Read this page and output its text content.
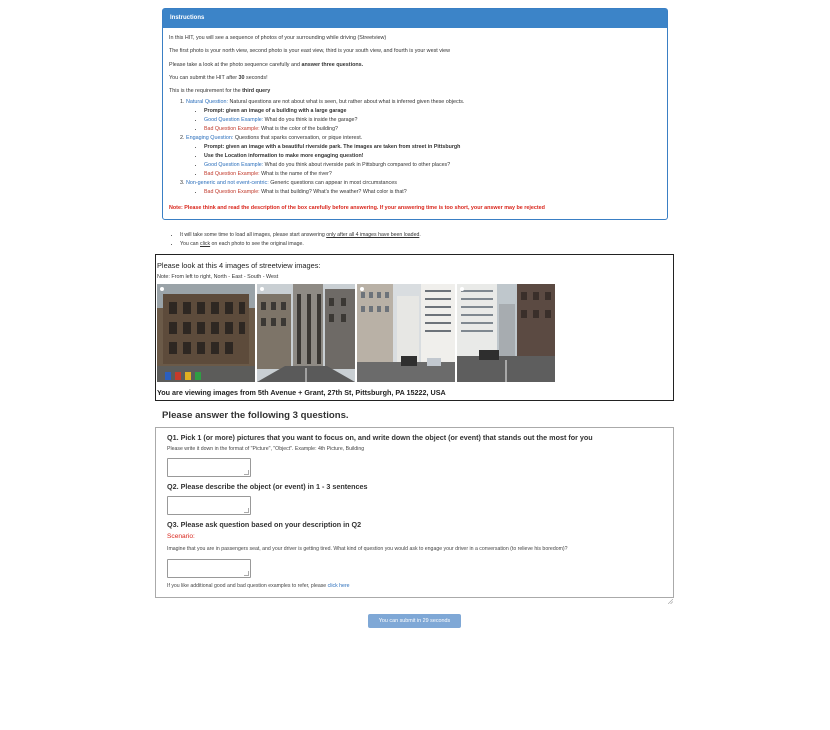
Instructions

In this HIT, you will see a sequence of photos of your surrounding while driving (Streetview)

The first photo is your north view, second photo is your east view, third is your south view, and fourth is your west view

Please take a look at the photo sequence carefully and answer three questions.

You can submit the HIT after 30 seconds!

This is the requirement for the third query

1. Natural Question: Natural questions are not about what is seen, but rather about what is inferred given these objects.
• Prompt: given an image of a building with a large garage
• Good Question Example: What do you think is inside the garage?
• Bad Question Example: What is the color of the building?
2. Engaging Question: Questions that sparks conversation, or pique interest.
• Prompt: given an image with a beautiful riverside park. The images are taken from street in Pittsburgh
• Use the Location information to make more engaging question!
• Good Question Example: What do you think about riverside park in Pittsburgh compared to other places?
• Bad Question Example: What is the name of the river?
3. Non-generic and not event-centric: Generic questions can appear in most circumstances
• Bad Question Example: What is that building? What's the weather? What color is that?

Note: Please think and read the description of the box carefully before answering. If your answering time is too short, your answer may be rejected

• It will take some time to load all images, please start answering only after all 4 images have been loaded.
• You can click on each photo to see the original image.
Please look at this 4 images of streetview images:
Note: From left to right, North - East - South - West
You are viewing images from 5th Avenue + Grant, 27th St, Pittsburgh, PA 15222, USA
Please answer the following 3 questions.
Q1. Pick 1 (or more) pictures that you want to focus on, and write down the object (or event) that stands out the most for you
Please write it down in the format of "Picture", "Object". Example: 4th Picture, Building
Q2. Please describe the object (or event) in 1 - 3 sentences
Q3. Please ask question based on your description in Q2
Scenario:
Imagine that you are in passengers seat, and your driver is getting tired. What kind of question you would ask to engage your driver in a conversation (to relieve his boredom)?
If you like additional good and bad question examples to refer, please click here
You can submit in 29 seconds
